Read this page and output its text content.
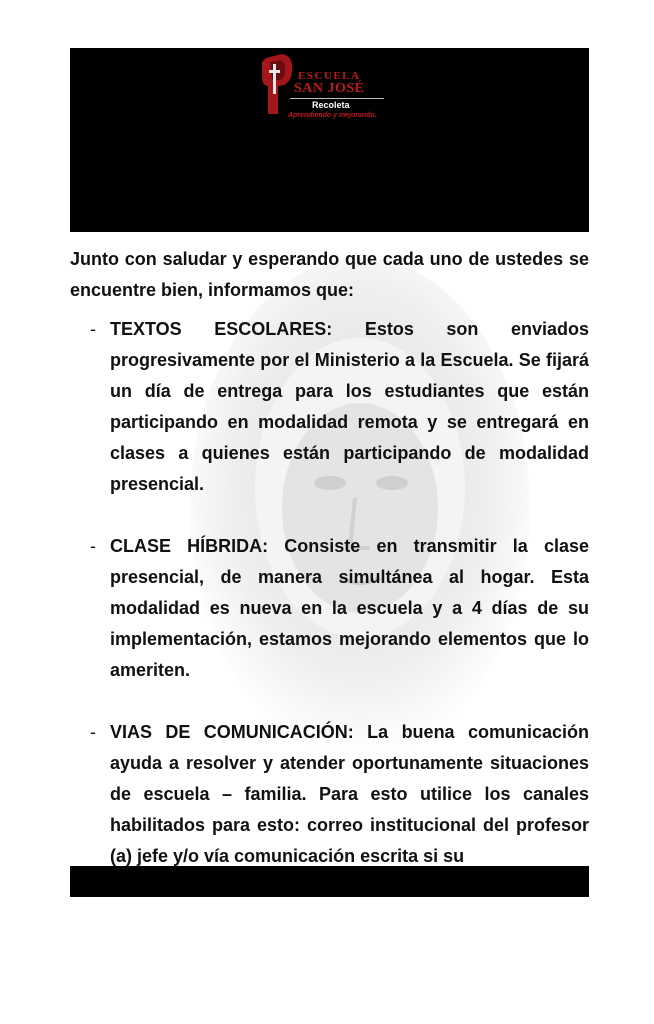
ESCUELA
SAN JOSÉ
Recoleta
Aprendiendo y mejorando.

Junto con saludar y esperando que cada uno de ustedes se encuentre bien, informamos que:

- TEXTOS ESCOLARES: Estos son enviados progresivamente por el Ministerio a la Escuela. Se fijará un día de entrega para los estudiantes que están participando en modalidad remota y se entregará en clases a quienes están participando de modalidad presencial.

- CLASE HÍBRIDA: Consiste en transmitir la clase presencial, de manera simultánea al hogar. Esta modalidad es nueva en la escuela y a 4 días de su implementación, estamos mejorando elementos que lo ameriten.

- VIAS DE COMUNICACIÓN: La buena comunicación ayuda a resolver y atender oportunamente situaciones de escuela – familia. Para esto utilice los canales habilitados para esto: correo institucional del profesor (a) jefe y/o vía comunicación escrita si su
